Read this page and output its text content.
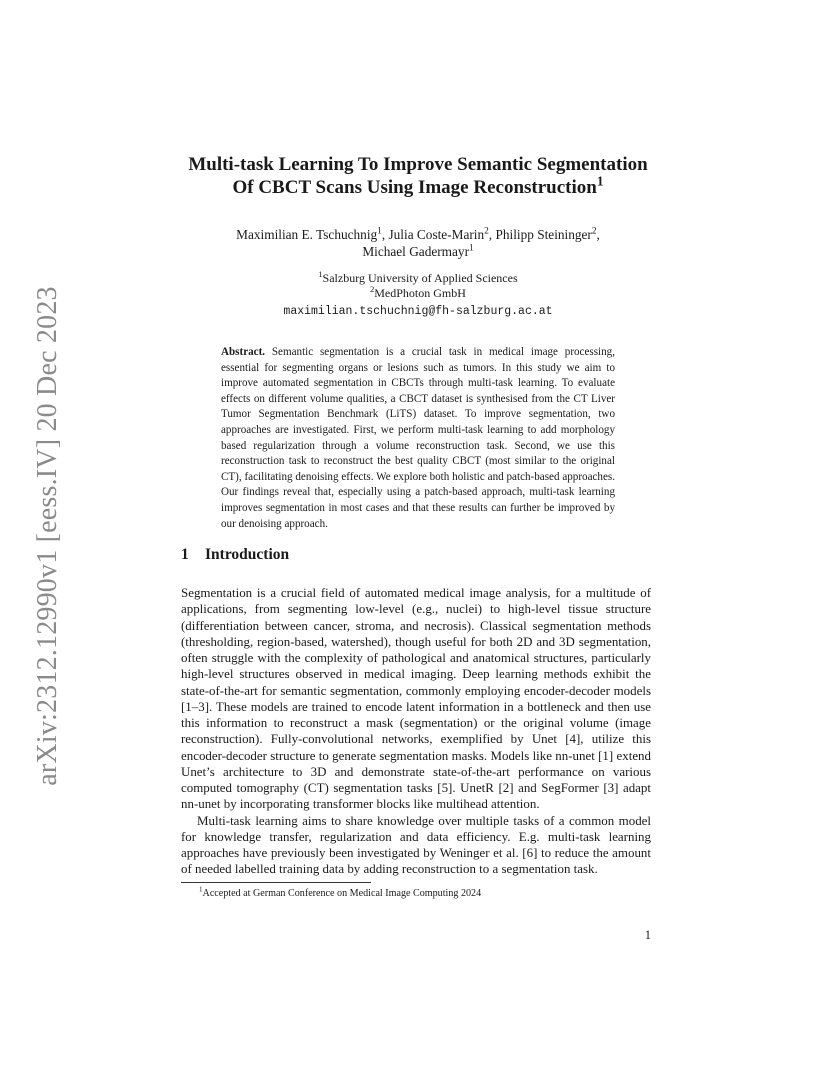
arXiv:2312.12990v1 [eess.IV] 20 Dec 2023
Multi-task Learning To Improve Semantic Segmentation
Of CBCT Scans Using Image Reconstruction$^1$
Maximilian E. Tschuchnig$^1$, Julia Coste-Marin$^2$, Philipp Steininger$^2$,
Michael Gadermayr$^1$
$^1$Salzburg University of Applied Sciences
$^2$MedPhoton GmbH
maximilian.tschuchnig@fh-salzburg.ac.at
Abstract. Semantic segmentation is a crucial task in medical image processing, essential for segmenting organs or lesions such as tumors. In this study we aim to improve automated segmentation in CBCTs through multi-task learning. To evaluate effects on different volume qualities, a CBCT dataset is synthesised from the CT Liver Tumor Segmentation Benchmark (LiTS) dataset. To improve segmentation, two approaches are investigated. First, we perform multi-task learning to add morphology based regularization through a volume reconstruction task. Second, we use this reconstruction task to reconstruct the best quality CBCT (most similar to the original CT), facilitating denoising effects. We explore both holistic and patch-based approaches. Our findings reveal that, especially using a patch-based approach, multi-task learning improves segmentation in most cases and that these results can further be improved by our denoising approach.
1 Introduction

Segmentation is a crucial field of automated medical image analysis, for a multitude of applications, from segmenting low-level (e.g., nuclei) to high-level tissue structure (differentiation between cancer, stroma, and necrosis). Classical segmentation methods (thresholding, region-based, watershed), though useful for both 2D and 3D segmentation, often struggle with the complexity of pathological and anatomical structures, particularly high-level structures observed in medical imaging. Deep learning methods exhibit the state-of-the-art for semantic segmentation, commonly employing encoder-decoder models [1–3]. These models are trained to encode latent information in a bottleneck and then use this information to reconstruct a mask (segmentation) or the original volume (image reconstruction). Fully-convolutional networks, exemplified by Unet [4], utilize this encoder-decoder structure to generate segmentation masks. Models like nn-unet [1] extend Unet’s architecture to 3D and demonstrate state-of-the-art performance on various computed tomography (CT) segmentation tasks [5]. UnetR [2] and SegFormer [3] adapt nn-unet by incorporating transformer blocks like multihead attention.

Multi-task learning aims to share knowledge over multiple tasks of a common model for knowledge transfer, regularization and data efficiency. E.g. multi-task learning approaches have previously been investigated by Weninger et al. [6] to reduce the amount of needed labelled training data by adding reconstruction to a segmentation task.

$^1$Accepted at German Conference on Medical Image Computing 2024
1
